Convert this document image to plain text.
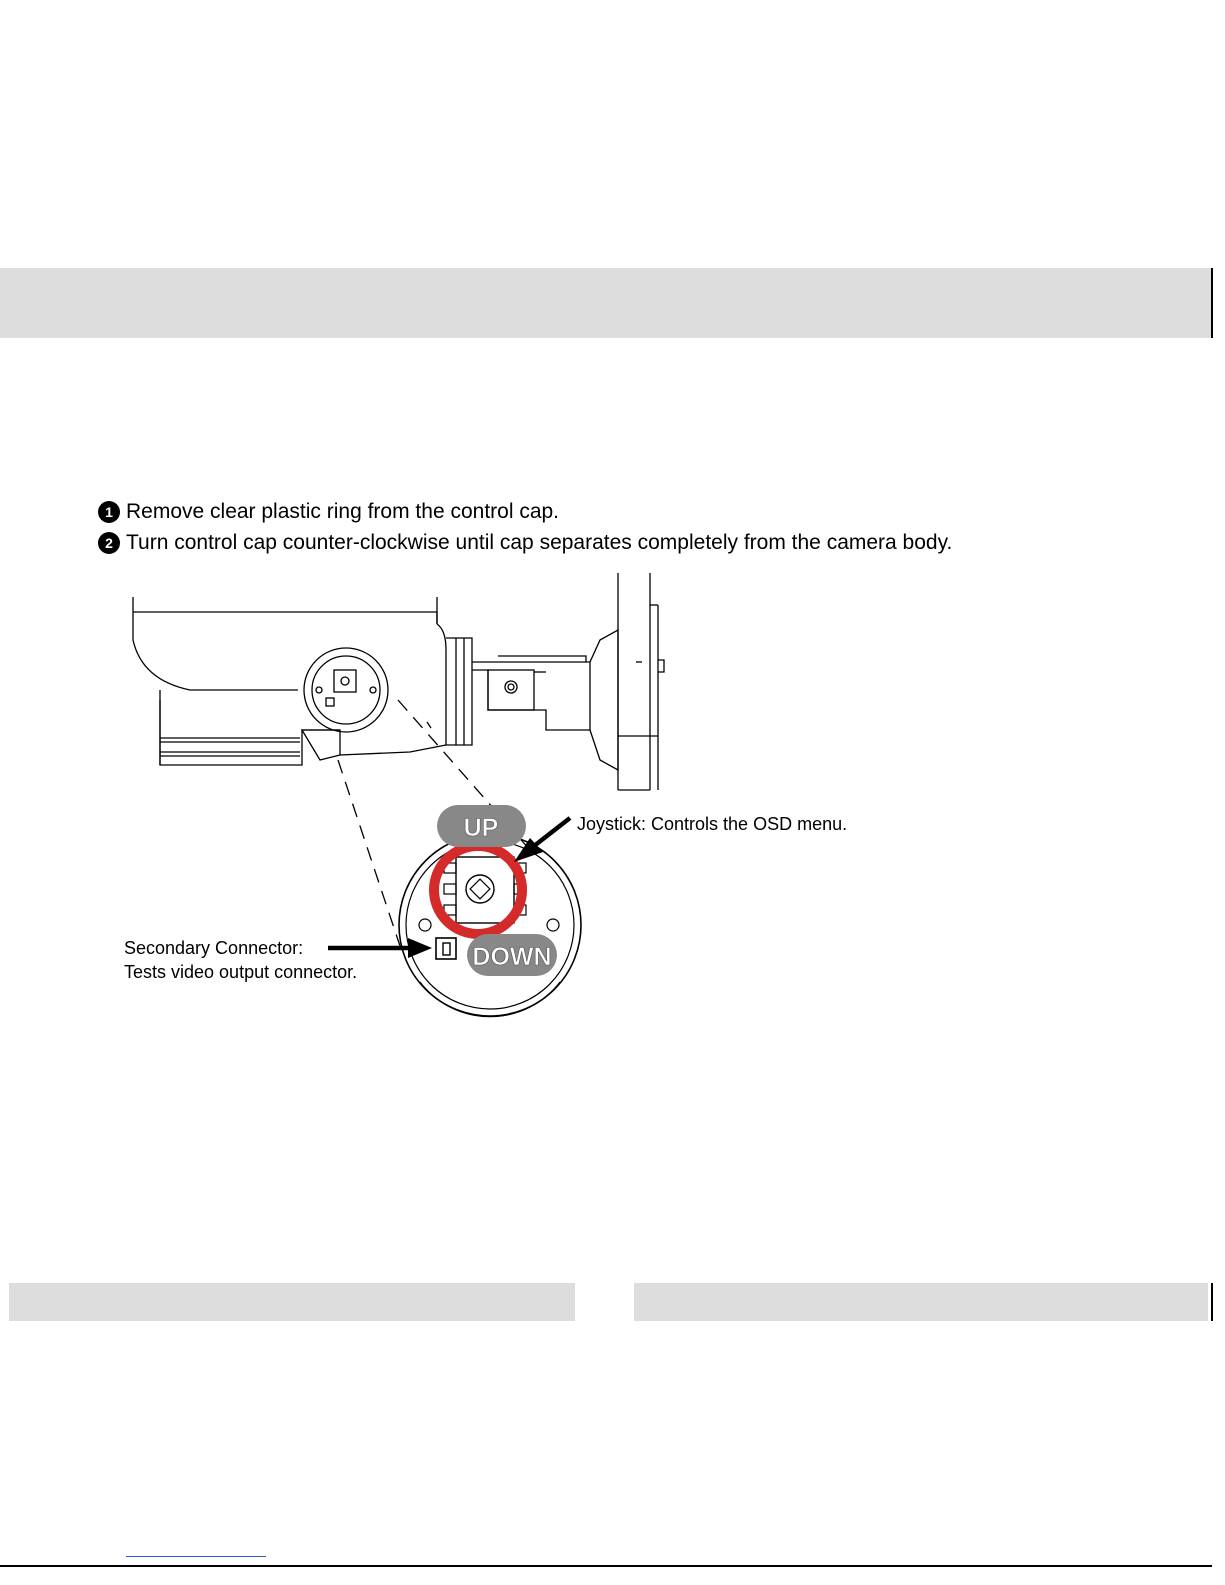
1 Remove clear plastic ring from the control cap.
2 Turn control cap counter-clockwise until cap separates completely from the camera body.
UP
DOWN
Joystick: Controls the OSD menu.
Secondary Connector:
Tests video output connector.
